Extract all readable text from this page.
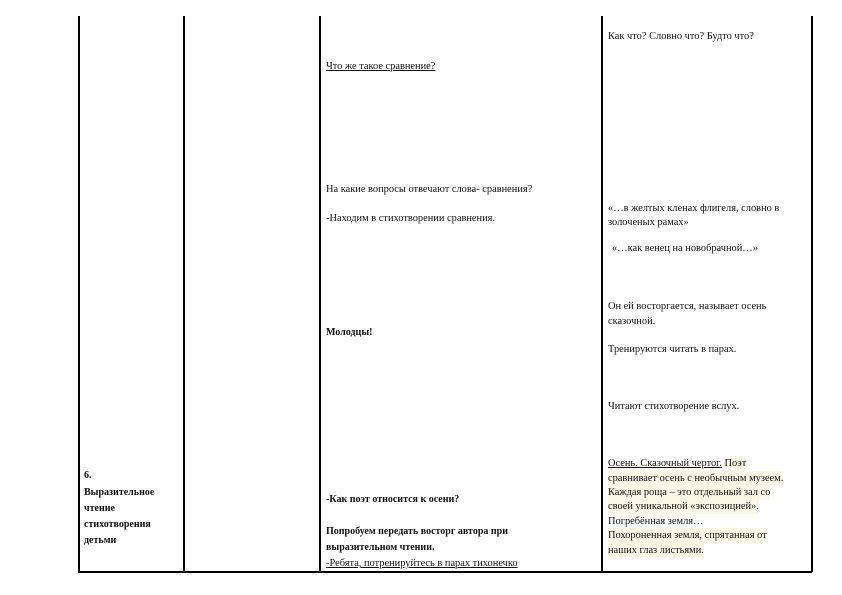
6.
Выразительное
чтение
стихотворения
детьми
Что же такое сравнение?
На какие вопросы отвечают слова- сравнения?
-Находим в стихотворении сравнения.
Молодцы!
-Как поэт относится к осени?
Попробуем передать восторг автора при
выразительном чтении.
-Ребята, потренируйтесь в парах тихонечко
Как что? Словно что? Будто что?
«…в желтых кленах флигеля, словно в
золоченых рамах»
«…как венец на новобрачной…»
Он ей восторгается, называет осень
сказочной.
Тренируются читать в парах.
Читают стихотворение вслух.
Осень. Сказочный чертог. Поэт
сравнивает осень с необычным музеем.
Каждая роща – это отдельный зал со
своей уникальной «экспозицией».
Погребённая земля…
Похороненная земля, спрятанная от
наших глаз листьями.
